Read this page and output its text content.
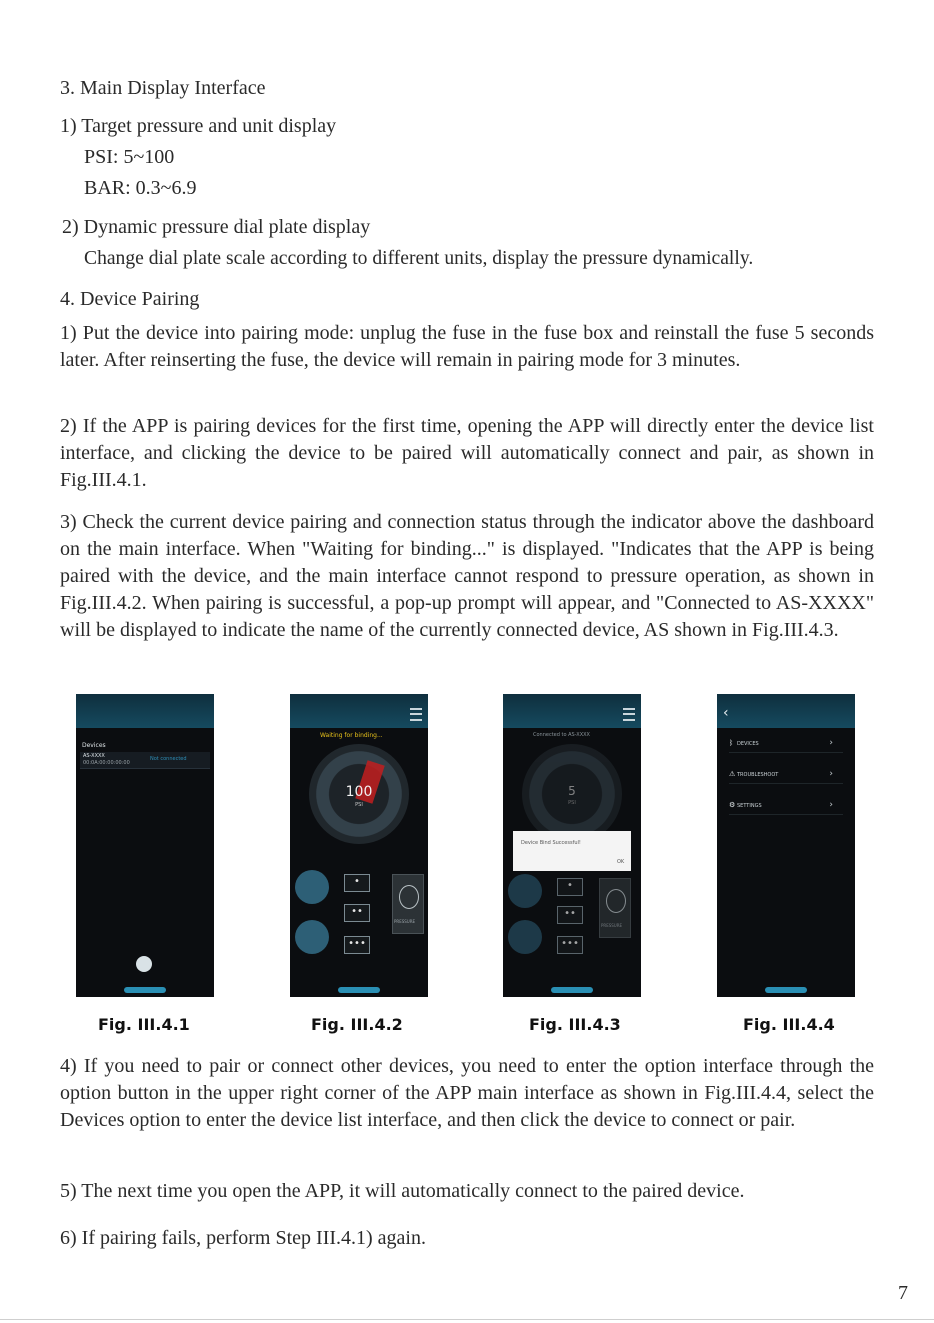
3. Main Display Interface
1) Target pressure and unit display
PSI: 5~100
BAR: 0.3~6.9
2) Dynamic pressure dial plate display
Change dial plate scale according to different units, display the pressure dynamically.
4. Device Pairing
1) Put the device into pairing mode: unplug the fuse in the fuse box and reinstall the fuse 5 seconds later. After reinserting the fuse, the device will remain in pairing mode for 3 minutes.
2) If the APP is pairing devices for the first time, opening the APP will directly enter the device list interface, and clicking the device to be paired will automatically connect and pair, as shown in Fig.III.4.1.
3) Check the current device pairing and connection status through the indicator above the dashboard on the main interface. When "Waiting for binding..." is displayed. "Indicates that the APP is being paired with the device, and the main interface cannot respond to pressure operation, as shown in Fig.III.4.2. When pairing is successful, a pop-up prompt will appear, and "Connected to AS-XXXX" will be displayed to indicate the name of the currently connected device, AS shown in Fig.III.4.3.
Devices
AS-XXXX
00:0A:00:00:00:00
Not connected
Waiting for binding...
100
PSI
•
••
•••
PRESSURE
Connected to AS-XXXX
5
PSI
Device Bind Successful!
OK
•
••
•••
PRESSURE
‹
ᛒ DEVICES	›
⚠ TROUBLESHOOT	›
⚙ SETTINGS	›
Fig. III.4.1	Fig. III.4.2	Fig. III.4.3	Fig. III.4.4
4) If you need to pair or connect other devices, you need to enter the option interface through the option button in the upper right corner of the APP main interface as shown in Fig.III.4.4, select the Devices option to enter the device list interface, and then click the device to connect or pair.
5) The next time you open the APP, it will automatically connect to the paired device.
6) If pairing fails, perform Step III.4.1) again.
7
